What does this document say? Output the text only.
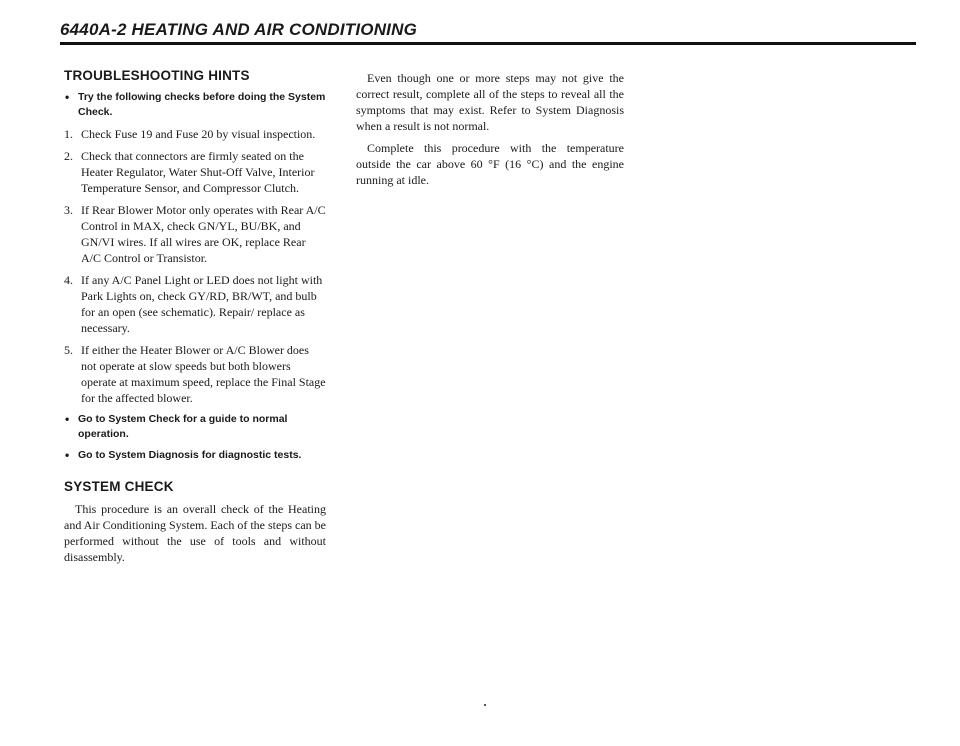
6440A-2 HEATING AND AIR CONDITIONING
TROUBLESHOOTING HINTS
• Try the following checks before doing the System Check.
1. Check Fuse 19 and Fuse 20 by visual inspection.
2. Check that connectors are firmly seated on the Heater Regulator, Water Shut-Off Valve, Interior Temperature Sensor, and Compressor Clutch.
3. If Rear Blower Motor only operates with Rear A/C Control in MAX, check GN/YL, BU/BK, and GN/VI wires. If all wires are OK, replace Rear A/C Control or Transistor.
4. If any A/C Panel Light or LED does not light with Park Lights on, check GY/RD, BR/WT, and bulb for an open (see schematic). Repair/ replace as necessary.
5. If either the Heater Blower or A/C Blower does not operate at slow speeds but both blowers operate at maximum speed, replace the Final Stage for the affected blower.
• Go to System Check for a guide to normal operation.
• Go to System Diagnosis for diagnostic tests.
SYSTEM CHECK

This procedure is an overall check of the Heating and Air Conditioning System. Each of the steps can be performed without the use of tools and without disassembly.

Even though one or more steps may not give the correct result, complete all of the steps to reveal all the symptoms that may exist. Refer to System Diagnosis when a result is not normal.

Complete this procedure with the temperature outside the car above 60 °F (16 °C) and the engine running at idle.
